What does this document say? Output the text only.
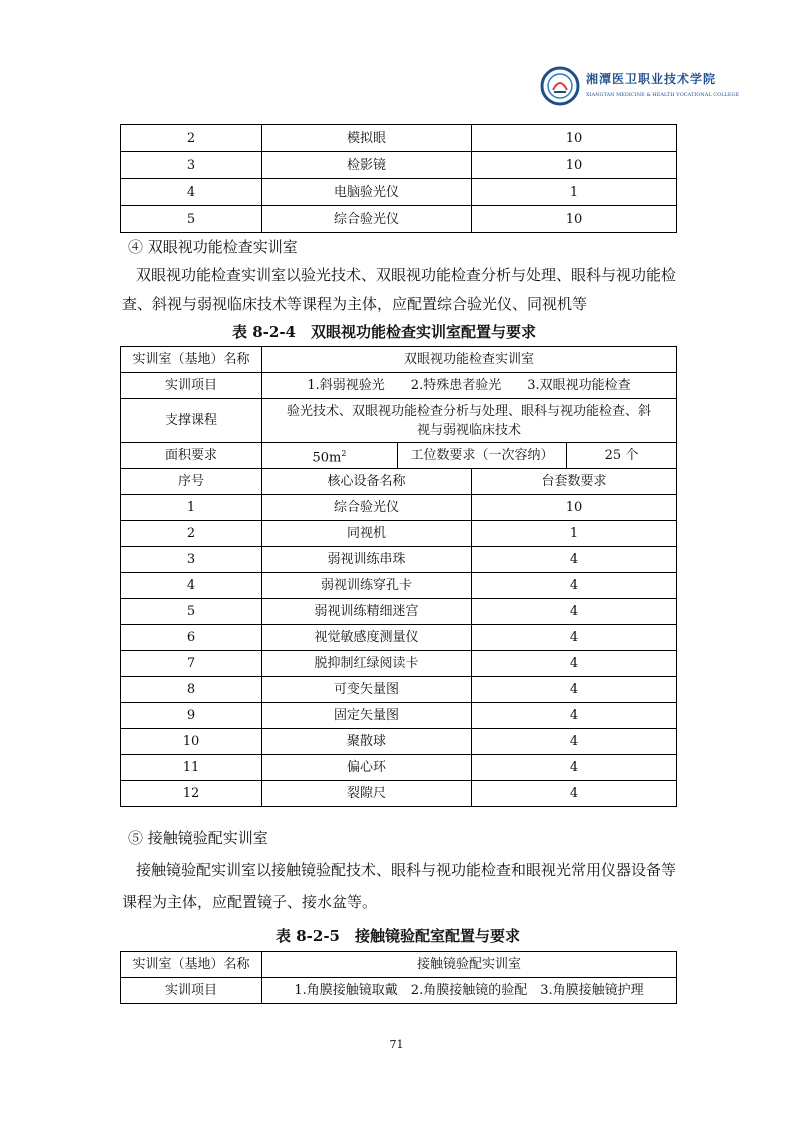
湘潭医卫职业技术学院
XIANGTAN MEDICINE & HEALTH VOCATIONAL COLLEGE
2	模拟眼	10
3	检影镜	10
4	电脑验光仪	1
5	综合验光仪	10
④ 双眼视功能检查实训室
双眼视功能检查实训室以验光技术、双眼视功能检查分析与处理、眼科与视功能检
查、斜视与弱视临床技术等课程为主体，应配置综合验光仪、同视机等
表 8-2-4　双眼视功能检查实训室配置与要求
实训室（基地）名称	双眼视功能检查实训室			
实训项目	1.斜弱视验光　　2.特殊患者验光　　3.双眼视功能检查			
支撑课程	验光技术、双眼视功能检查分析与处理、眼科与视功能检查、斜
视与弱视临床技术			

面积要求	$50m^2$	工位数要求（一次容纳）		25 个
序号	核心设备名称		台套数要求	
1	综合验光仪		10	
2	同视机		1	
3	弱视训练串珠		4	
4	弱视训练穿孔卡		4	
5	弱视训练精细迷宫		4	
6	视觉敏感度测量仪		4	
7	脱抑制红绿阅读卡		4	
8	可变矢量图		4	
9	固定矢量图		4	
10	聚散球		4	
11	偏心环		4	
12	裂隙尺		4	
⑤ 接触镜验配实训室
接触镜验配实训室以接触镜验配技术、眼科与视功能检查和眼视光常用仪器设备等
课程为主体，应配置镜子、接水盆等。
表 8-2-5　接触镜验配室配置与要求
实训室（基地）名称	接触镜验配实训室
实训项目	1.角膜接触镜取戴　2.角膜接触镜的验配　3.角膜接触镜护理
71
